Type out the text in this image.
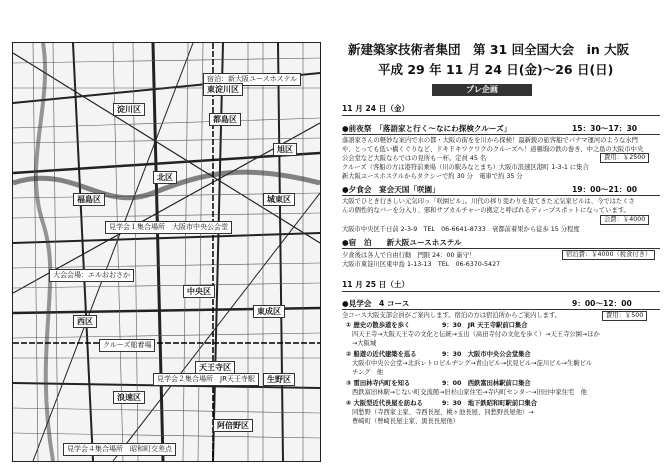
宿泊：新大阪ユースホステル
東淀川区
淀川区
都島区
北区
福島区	城東区
見学会１集合場所　大阪市中央公会堂
大会会場：エルおおさか
中央区
東成区
西区
クルーズ船着場
天王寺区
見学会２集合場所　JR天王寺駅	生野区
浪速区
阿倍野区
見学会４集合場所　昭和町交差点
旭区
新建築家技術者集団　第 31 回全国大会　in 大阪
平成 29 年 11 月 24 日(金)～26 日(日)
プレ企画
11 月 24 日（金）
●前夜祭　「落語家と行く～なにわ探検クルーズ」	15：30～17：30
落語家さんの軽妙な案内で水の都・大阪の街をを川から探検！最新鋭の旅客船でパナマ運河のような水門
や、とっても低い橋くぐりなど、ドキドキワクワクのクルーズへ！道頓堀の鉄の巻き、中之島の大阪市中央
公会堂など大阪ならではの見所も一杯。定員 45 名	費用：￥2500
クルーズ（客船の方は港符前乗場（川の駅みなとまち）大阪市浪速区港町 1-3-1 に集合
新大阪ユースホステルからタクシーで約 30 分　電車で約 35 分
●夕食会　宴会天国「咲園」	19：00～21：00
大阪でひとき行きしい元気印っ「咲園ビル」。川代の移り変わりを見てきた元気家ビルは、今ではたくさ
んの個性的なバーを分入り、邪和サブカルチャーの拠定と呼ばれるディープスポットになっています。
会費：￥4000
大阪市中央区千日前 2-3-9　TEL　06-6641-8733　衰都前着果から徒歩 15 分程度
●宿　泊　　新大阪ユースホステル
夕食後は各人で自由行動　門限 24：00 厳守！	宿泊費：￥4000（税食付き）
大阪市東淀川区東中島 1-13-13　TEL　06-6370-5427
11 月 25 日（土）
●見学会　4 コース	9：00～12：00
全コース大阪支部会員がご案内します。宿泊の方は宿泊所からご案内します。	費用：￥500
① 歴史の散歩道を歩く	9：30　JR 天王寺駅前口集合
四天王寺→大阪天王寺の文化と伝統→玉出（高田寺付の文化を歩く）→天王寺公園→ほか
→大阪城
② 船遊の近代建築を巡る	9：30　大阪市中央公会堂集合
大阪市中央公会堂→北浜レトロビルヂング→青山ビル→伏見ビル→淀川ビル→生駒ビル
チング　他
③ 雷田林寺内町を知る	9：00　西鉄富田林駅前口集合
西鉄富田林駅→じない町交流館→旧杉山家住宅→寺内町センター→旧田中家住宅　他
④ 大阪型近代長屋を訪ねる	9：30　地下鉄昭和町駅前口集合
同愁野（寺西家主家、寺西長屋、桃ヶ池長屋、同愁野長屋他）→
豊崎町（豊崎長屋主家、黒長長屋他）
